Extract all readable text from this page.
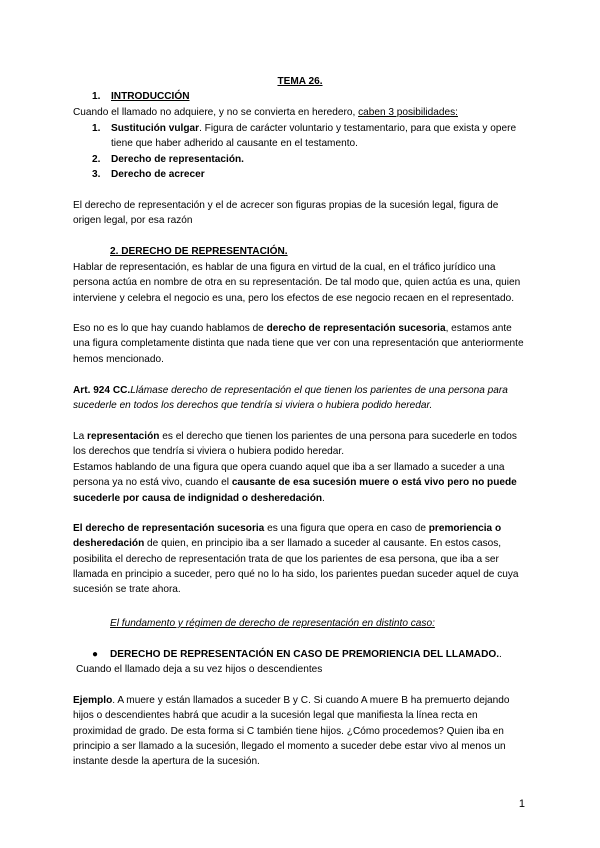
TEMA 26.
1. INTRODUCCIÓN
Cuando el llamado no adquiere, y no se convierta en heredero, caben 3 posibilidades:
1. Sustitución vulgar. Figura de carácter voluntario y testamentario, para que exista y opere tiene que haber adherido al causante en el testamento.
2. Derecho de representación.
3. Derecho de acrecer
El derecho de representación y el de acrecer son figuras propias de la sucesión legal, figura de origen legal, por esa razón
2. DERECHO DE REPRESENTACIÓN.
Hablar de representación, es hablar de una figura en virtud de la cual, en el tráfico jurídico una persona actúa en nombre de otra en su representación. De tal modo que, quien actúa es una, quien interviene y celebra el negocio es una, pero los efectos de ese negocio recaen en el representado.
Eso no es lo que hay cuando hablamos de derecho de representación sucesoria, estamos ante una figura completamente distinta que nada tiene que ver con una representación que anteriormente hemos mencionado.
Art. 924 CC.Llámase derecho de representación el que tienen los parientes de una persona para sucederle en todos los derechos que tendría si viviera o hubiera podido heredar.
La representación es el derecho que tienen los parientes de una persona para sucederle en todos los derechos que tendría si viviera o hubiera podido heredar.
Estamos hablando de una figura que opera cuando aquel que iba a ser llamado a suceder a una persona ya no está vivo, cuando el causante de esa sucesión muere o está vivo pero no puede sucederle por causa de indignidad o desheredación.
El derecho de representación sucesoria es una figura que opera en caso de premoriencia o desheredación de quien, en principio iba a ser llamado a suceder al causante. En estos casos, posibilita el derecho de representación trata de que los parientes de esa persona, que iba a ser llamada en principio a suceder, pero qué no lo ha sido, los parientes puedan suceder aquel de cuya sucesión se trate ahora.
El fundamento y régimen de derecho de representación en distinto caso:
● DERECHO DE REPRESENTACIÓN EN CASO DE PREMORIENCIA DEL LLAMADO..
Cuando el llamado deja a su vez hijos o descendientes
Ejemplo. A muere y están llamados a suceder B y C. Si cuando A muere B ha premuerto dejando hijos o descendientes habrá que acudir a la sucesión legal que manifiesta la línea recta en proximidad de grado. De esta forma si C también tiene hijos. ¿Cómo procedemos? Quien iba en principio a ser llamado a la sucesión, llegado el momento a suceder debe estar vivo al menos un instante desde la apertura de la sucesión.
1
